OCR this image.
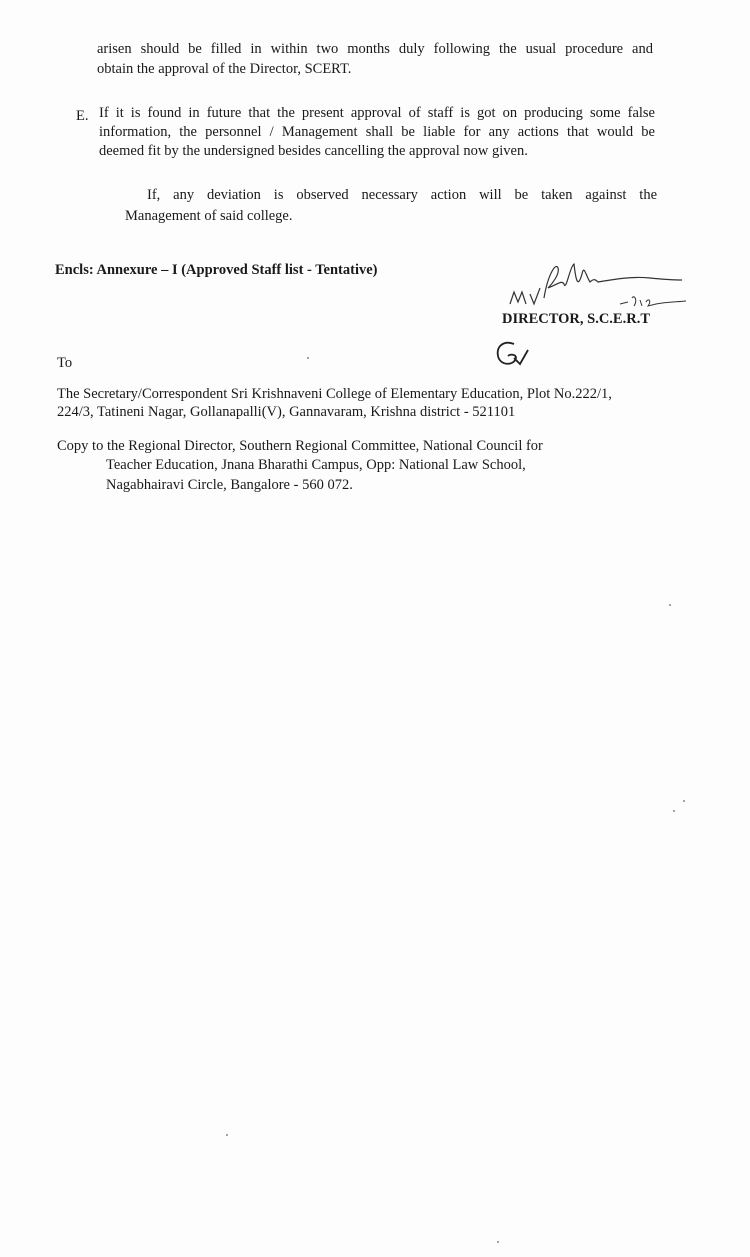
arisen should be filled in within two months duly following the usual procedure and
obtain the approval of the Director, SCERT.
E. If it is found in future that the present approval of staff is got on producing some false
information, the personnel / Management shall be liable for any actions that would be
deemed fit by the undersigned besides cancelling the approval now given.
If, any deviation is observed necessary action will be taken against the
Management of said college.
Encls: Annexure – I (Approved Staff list - Tentative)
DIRECTOR, S.C.E.R.T
To
The Secretary/Correspondent Sri Krishnaveni College of Elementary Education, Plot No.222/1,
224/3, Tatineni Nagar, Gollanapalli(V), Gannavaram, Krishna district - 521101
Copy to the Regional Director, Southern Regional Committee, National Council for
Teacher Education, Jnana Bharathi Campus, Opp: National Law School,
Nagabhairavi Circle, Bangalore - 560 072.
